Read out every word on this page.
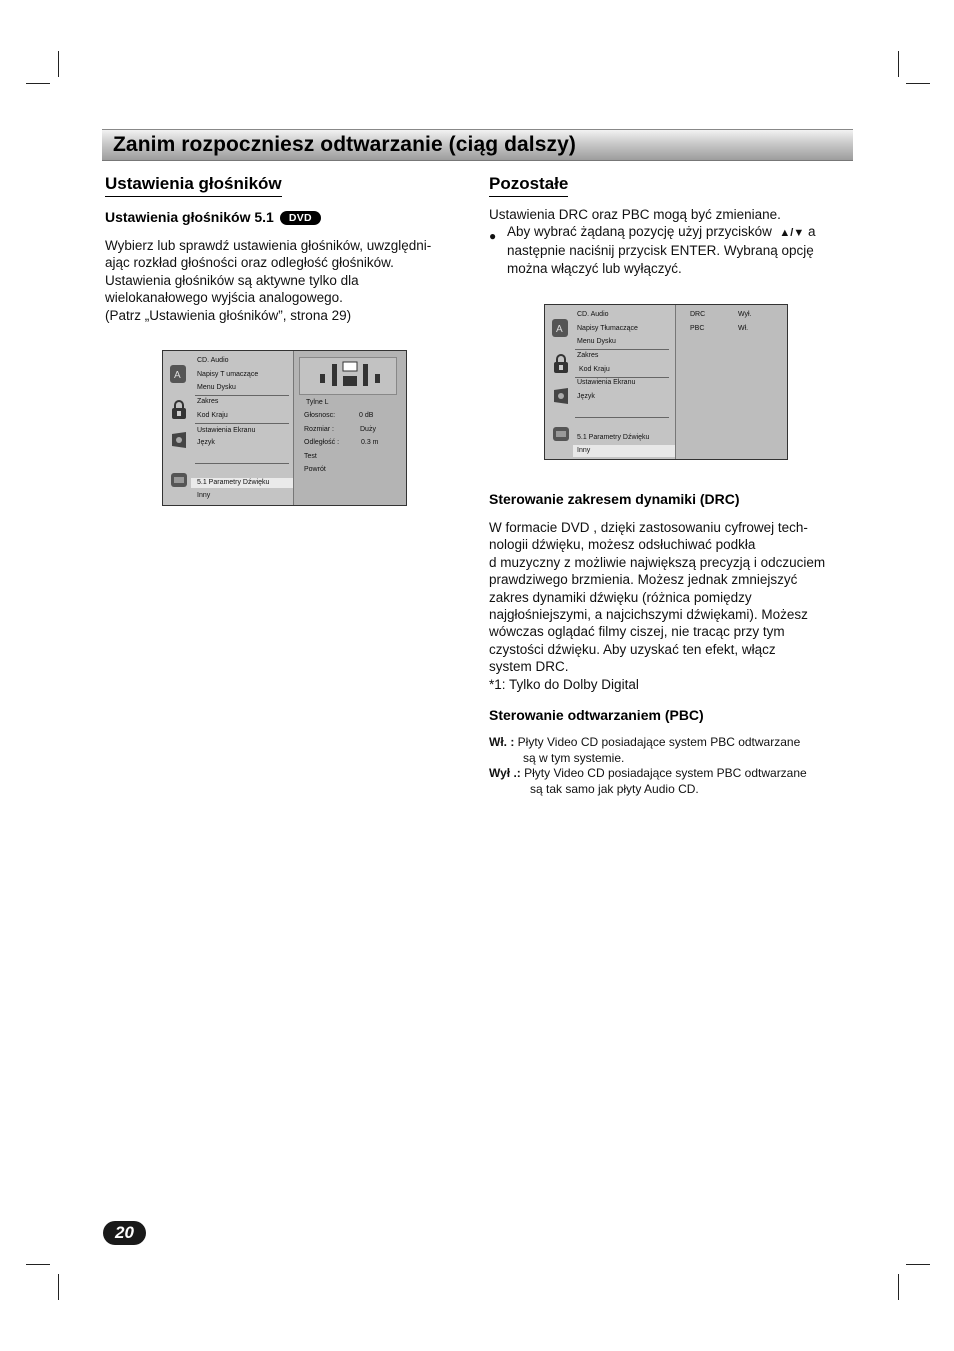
Zanim rozpoczniesz odtwarzanie (ciąg dalszy)
Ustawienia głośników
Ustawienia głośników 5.1 DVD

Wybierz lub sprawdź ustawienia głośników, uwzględni-

ając rozkład głośności oraz odległość głośników.

Ustawienia głośników są aktywne tylko dla

wielokanałowego wyjścia analogowego.

(Patrz „Ustawienia głośników”, strona 29)

A
CD. Audio
Napisy T umaczące
Menu Dysku
Zakres
Kod Kraju
Ustawienia Ekranu
Język
5.1 Parametry Dźwięku
Inny
Tylne L
Głosnosc:	0 dB
Rozmiar :	Duży
Odległość :	0.3 m
Test
Powrót
Pozostałe

Ustawienia DRC oraz PBC mogą być zmieniane.

● Aby wybrać żądaną pozycję użyj przycisków ▲/▼ a

następnie naciśnij przycisk ENTER. Wybraną opcję

można włączyć lub wyłączyć.

A
CD. Audio
Napisy Tłumaczące
Menu Dysku
Zakres
Kod Kraju
Ustawienia Ekranu
Język
5.1 Parametry Dźwięku
Inny
DRC	Wył.
PBC	Wł.
Sterowanie zakresem dynamiki (DRC)

W formacie DVD , dzięki zastosowaniu cyfrowej tech-

nologii dźwięku, możesz odsłuchiwać podkła

d muzyczny z możliwie największą precyzją i odczuciem

prawdziwego brzmienia. Możesz jednak zmniejszyć

zakres dynamiki dźwięku (różnica pomiędzy

najgłośniejszymi, a najcichszymi dźwiękami). Możesz

wówczas oglądać filmy ciszej, nie tracąc przy tym

czystości dźwięku. Aby uzyskać ten efekt, włącz

system DRC.

*1: Tylko do Dolby Digital

Sterowanie odtwarzaniem (PBC)
Wł. : Płyty Video CD posiadające system PBC odtwarzane
są w tym systemie.
Wył .: Płyty Video CD posiadające system PBC odtwarzane
są tak samo jak płyty Audio CD.
20
